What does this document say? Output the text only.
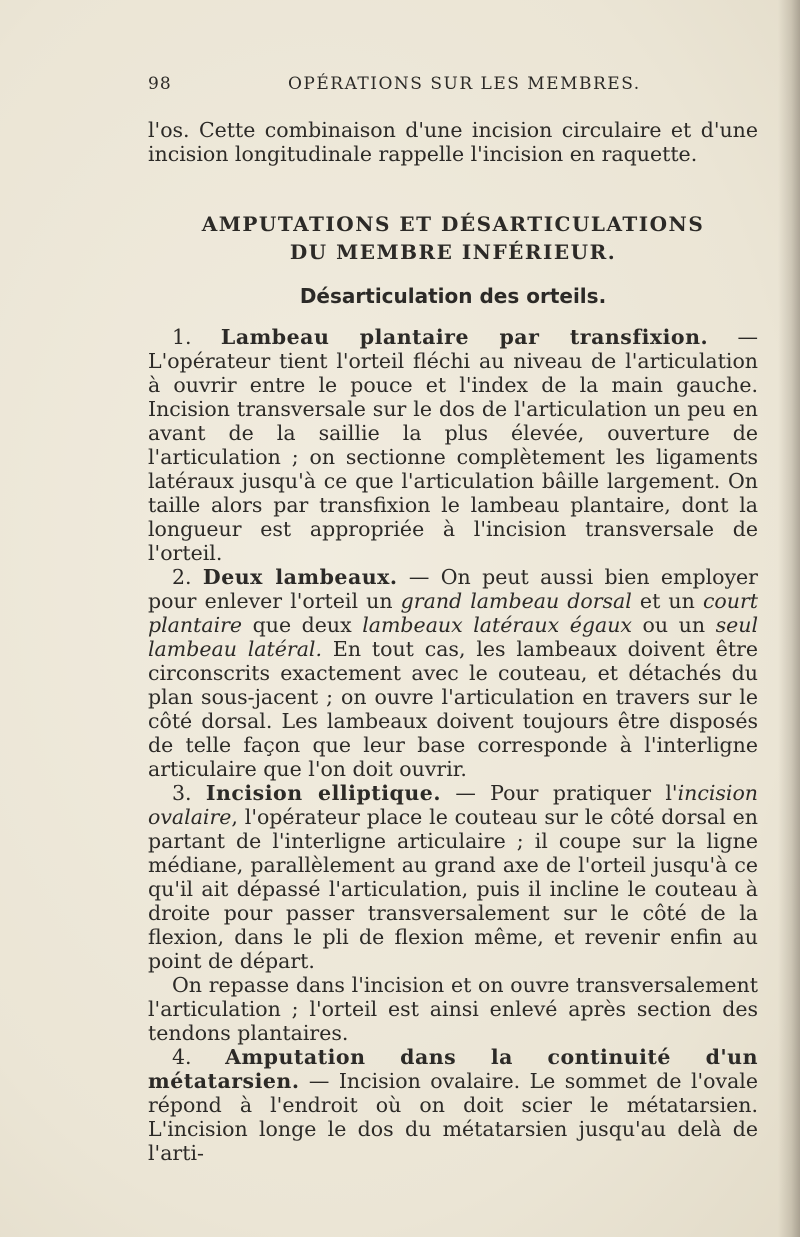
98	OPÉRATIONS SUR LES MEMBRES.
l'os. Cette combinaison d'une incision circulaire et d'une incision longitudinale rappelle l'incision en raquette.
AMPUTATIONS ET DÉSARTICULATIONS
DU MEMBRE INFÉRIEUR.
Désarticulation des orteils.

1. Lambeau plantaire par transfixion. — L'opérateur tient l'orteil fléchi au niveau de l'articulation à ouvrir entre le pouce et l'index de la main gauche. Incision transversale sur le dos de l'articulation un peu en avant de la saillie la plus élevée, ouverture de l'articulation ; on sectionne complètement les ligaments latéraux jusqu'à ce que l'articulation bâille largement. On taille alors par transfixion le lambeau plantaire, dont la longueur est appropriée à l'incision transversale de l'orteil.

2. Deux lambeaux. — On peut aussi bien employer pour enlever l'orteil un grand lambeau dorsal et un court plantaire que deux lambeaux latéraux égaux ou un seul lambeau latéral. En tout cas, les lambeaux doivent être circonscrits exactement avec le couteau, et détachés du plan sous-jacent ; on ouvre l'articulation en travers sur le côté dorsal. Les lambeaux doivent toujours être disposés de telle façon que leur base corresponde à l'interligne articulaire que l'on doit ouvrir.

3. Incision elliptique. — Pour pratiquer l'incision ovalaire, l'opérateur place le couteau sur le côté dorsal en partant de l'interligne articulaire ; il coupe sur la ligne médiane, parallèlement au grand axe de l'orteil jusqu'à ce qu'il ait dépassé l'articulation, puis il incline le couteau à droite pour passer transversalement sur le côté de la flexion, dans le pli de flexion même, et revenir enfin au point de départ.

On repasse dans l'incision et on ouvre transversalement l'articulation ; l'orteil est ainsi enlevé après section des tendons plantaires.

4. Amputation dans la continuité d'un métatarsien. — Incision ovalaire. Le sommet de l'ovale répond à l'endroit où on doit scier le métatarsien. L'incision longe le dos du métatarsien jusqu'au delà de l'arti-
